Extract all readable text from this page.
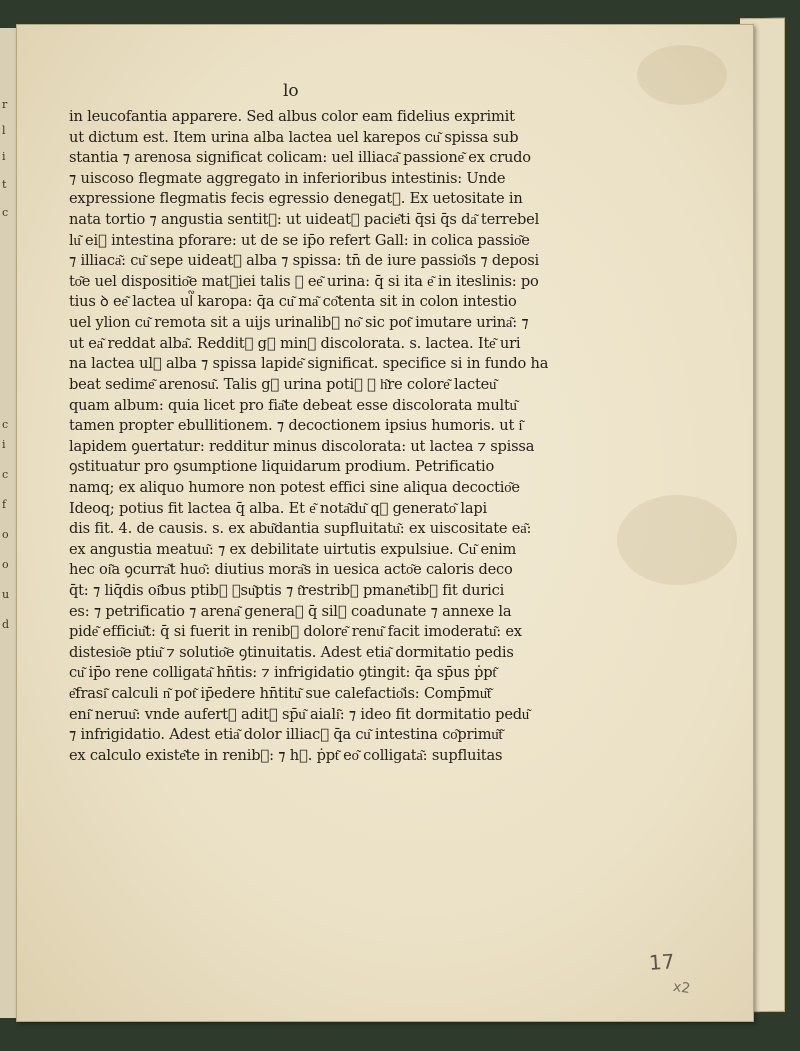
r
l
i
t
c
c
i
c
f
o
o
u
d
lo
in leucofantia apparere. Sed albus color eam fidelius exprimit
ut dictum est. Item urina alba lactea uel karepos cu͂ spissa sub
stantia ⁊ arenosa significat colicam: uel illiaca͂ passione͂ ex crudo
⁊ uiscoso flegmate aggregato in inferioribus intestinis: Unde
expressione flegmatis fecis egressio denegat᷑. Ex uetositate in
nata tortio ⁊ angustia sentit᷑: ut uideat᷑ pacie͂ti q̄si q̄s da͂ terrebel
lu͂ ei᷒ intestina pforare: ut de se ip̄o refert Gall: in colica passio͂e
⁊ illiaca͂: cu͂ sepe uideat᷑ alba ⁊ spissa: tn̄ de iure passio͂is ⁊ deposi
to͂e uel dispositio͂e mat᷑iei talis ꝺ ee͂ urina: q̄ si ita e͂ in iteslinis: po
tius ꝺ ee͂ lactea ul᷑ karopa: q̄a cu͂ ma͂ co͂tenta sit in colon intestio
uel ylion cu͂ remota sit a uijs urinalib᷒ no͂ sic pot͂ imutare urina͂: ⁊
ut ea͂ reddat alba͂. Reddit᷑ g᷒ min᷒ discolorata. s. lactea. Ite͂ uri
na lactea ul᷑ alba ⁊ spissa lapide͂ significat. specifice si in fundo ha
beat sedime͂ arenosu͂. Talis g᷒ urina poti᷒ ꝺ h͂re colore͂ lacteu͂
quam album: quia licet pro fia͂te debeat esse discolorata multu͂
tamen propter ebullitionem. ⁊ decoctionem ipsius humoris. ut i͂
lapidem ꝯuertatur: redditur minus discolorata: ut lactea ⁊ spissa
ꝯstituatur pro ꝯsumptione liquidarum prodium. Petrificatio
namq; ex aliquo humore non potest effici sine aliqua decoctio͂e
Ideoq; potius fit lactea q̄ alba. Et e͂ nota͂du͂ q᷒ generato͂ lapi
dis fit. 4. de causis. s. ex abu͂dantia supfluitatu͂: ex uiscositate ea͂:
ex angustia meatuu͂: ⁊ ex debilitate uirtutis expulsiue. Cu͂ enim
hec oi͂a ꝯcurra͂t huo͂: diutius mora͂s in uesica acto͂e caloris deco
q̄t: ⁊ liq̄dis oi͂bus ptib᷒ ꝯsu͂ptis ⁊ t͂restrib᷒ pmane͂tib᷒ fit durici
es: ⁊ petrificatio ⁊ arena͂ genera᷑ q̄ sil᷑ coadunate ⁊ annexe la
pide͂ efficiu͂t: q̄ si fuerit in renib᷒ dolore͂ renu͂ facit imoderatu͂: ex
distesio͂e ptiu͂ ⁊ solutio͂e ꝯtinuitatis. Adest etia͂ dormitatio pedis
cu͂ ip̄o rene colligata͂ hn̄tis: ⁊ infrigidatio ꝯtingit: q̄a sp̄us ṗpt͂
e͂frasi͂ calculi n͂ pot͂ ip̄edere hn̄titu͂ sue calefactio͂is: Comp̄mu͂t͂
eni͂ neruu͂: vnde aufert᷑ adit᷒ sp̄u͂ aiali͂: ⁊ ideo fit dormitatio pedu͂
⁊ infrigidatio. Adest etia͂ dolor illiac᷒ q̄a cu͂ intestina co͂primu͂t͂
ex calculo existe͂te in renib᷒: ⁊ h᷒. ṗpt͂ eo͂ colligata͂: supfluitas
17
x2
